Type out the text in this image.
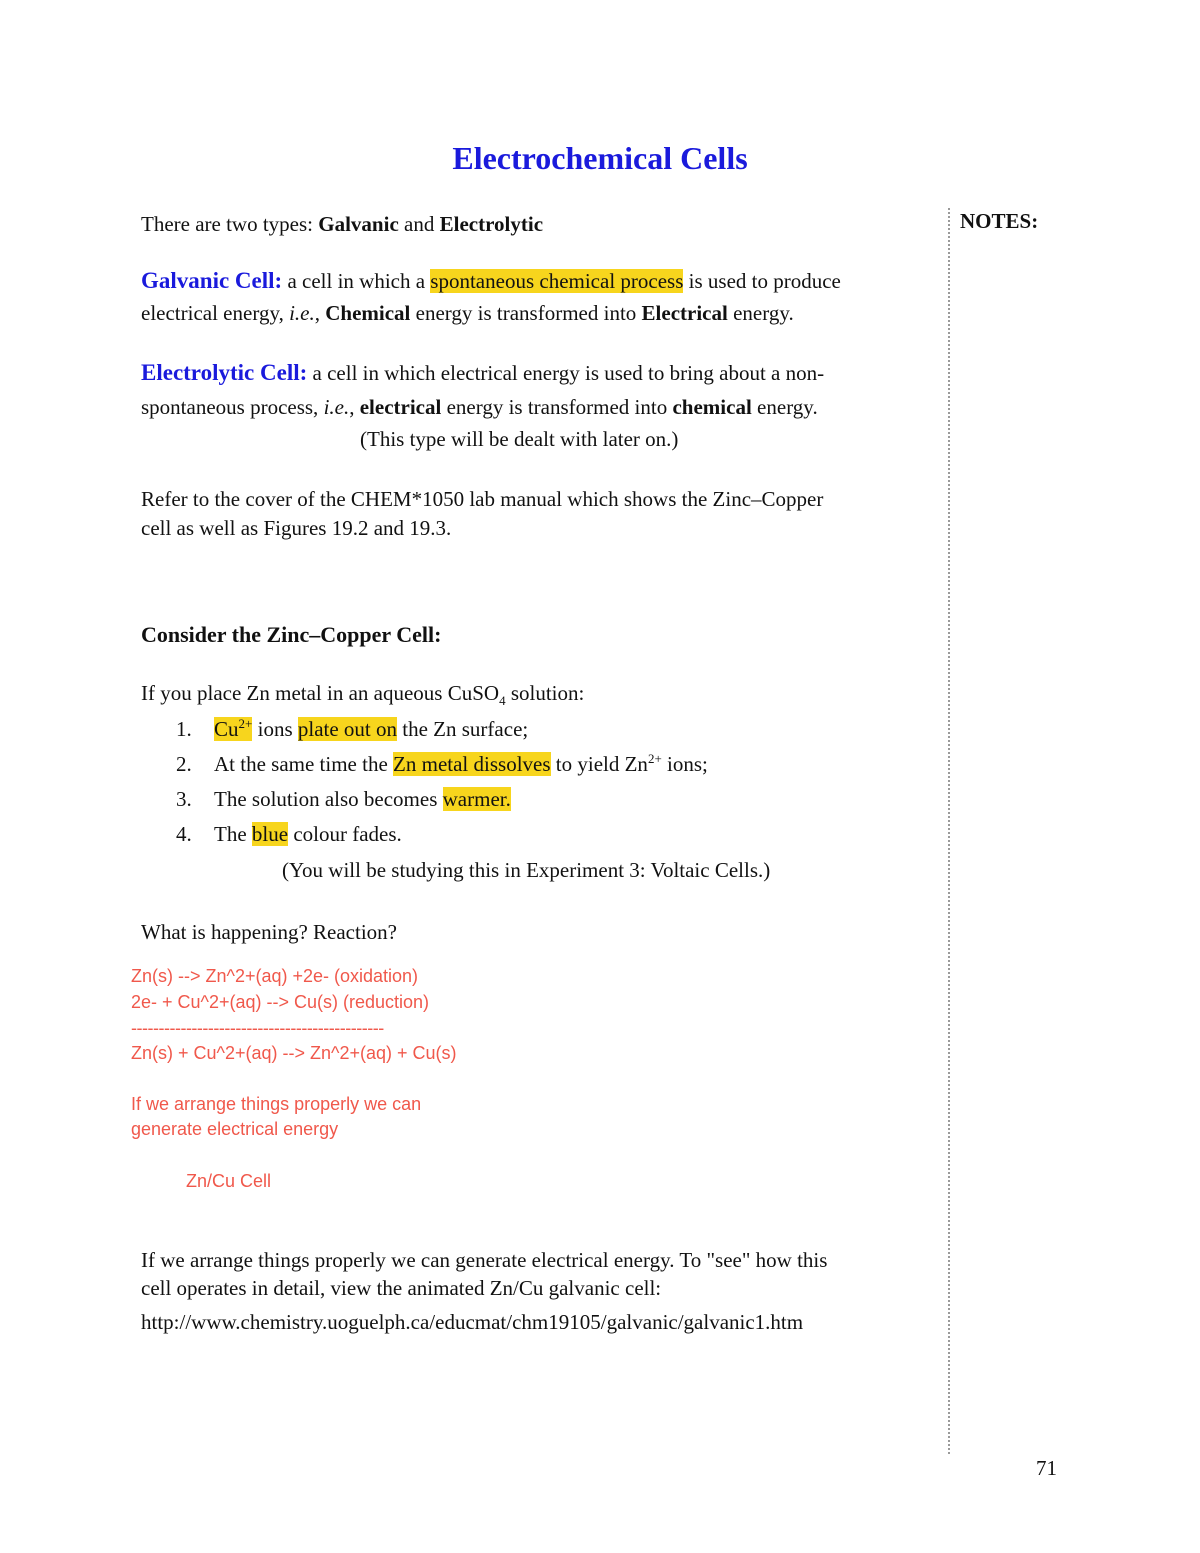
Electrochemical Cells
NOTES:
There are two types: Galvanic and Electrolytic
Galvanic Cell: a cell in which a spontaneous chemical process is used to produce
electrical energy, i.e., Chemical energy is transformed into Electrical energy.
Electrolytic Cell: a cell in which electrical energy is used to bring about a non-
spontaneous process, i.e., electrical energy is transformed into chemical energy.
(This type will be dealt with later on.)
Refer to the cover of the CHEM*1050 lab manual which shows the Zinc–Copper
cell as well as Figures 19.2 and 19.3.
Consider the Zinc–Copper Cell:
If you place Zn metal in an aqueous CuSO$_4$ solution:
1. $Cu^{2+}$ ions plate out on the Zn surface;
2. At the same time the Zn metal dissolves to yield $Zn^{2+}$ ions;
3. The solution also becomes warmer.
4. The blue colour fades.
(You will be studying this in Experiment 3: Voltaic Cells.)
What is happening? Reaction?
Zn(s) --> Zn^2+(aq) +2e- (oxidation)
2e- + Cu^2+(aq) --> Cu(s) (reduction)
----------------------------------------------
Zn(s) + Cu^2+(aq) --> Zn^2+(aq) + Cu(s)
If we arrange things properly we can
generate electrical energy
Zn/Cu Cell
If we arrange things properly we can generate electrical energy. To "see" how this
cell operates in detail, view the animated Zn/Cu galvanic cell:
http://www.chemistry.uoguelph.ca/educmat/chm19105/galvanic/galvanic1.htm
71
